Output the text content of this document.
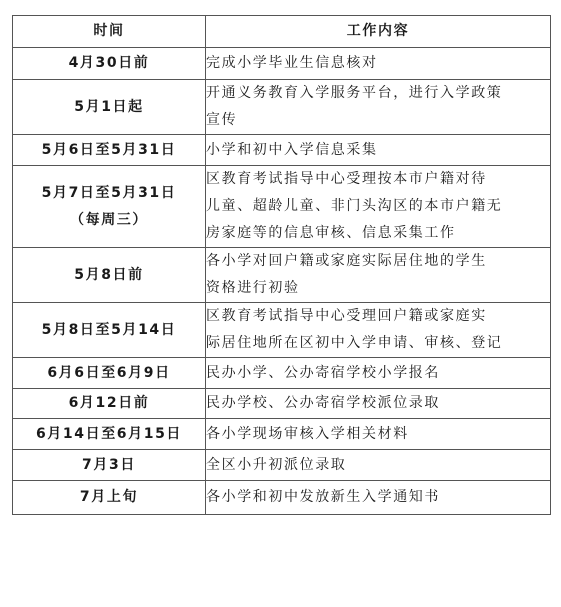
时间	工作内容

4月30日前	完成小学毕业生信息核对

5月1日起	开通义务教育入学服务平台，进行入学政策
宣传

5月6日至5月31日	小学和初中入学信息采集

5月7日至5月31日
（每周三）	区教育考试指导中心受理按本市户籍对待
儿童、超龄儿童、非门头沟区的本市户籍无
房家庭等的信息审核、信息采集工作

5月8日前	各小学对回户籍或家庭实际居住地的学生
资格进行初验

5月8日至5月14日	区教育考试指导中心受理回户籍或家庭实
际居住地所在区初中入学申请、审核、登记

6月6日至6月9日	民办小学、公办寄宿学校小学报名

6月12日前	民办学校、公办寄宿学校派位录取

6月14日至6月15日	各小学现场审核入学相关材料

7月3日	全区小升初派位录取

7月上旬	各小学和初中发放新生入学通知书
